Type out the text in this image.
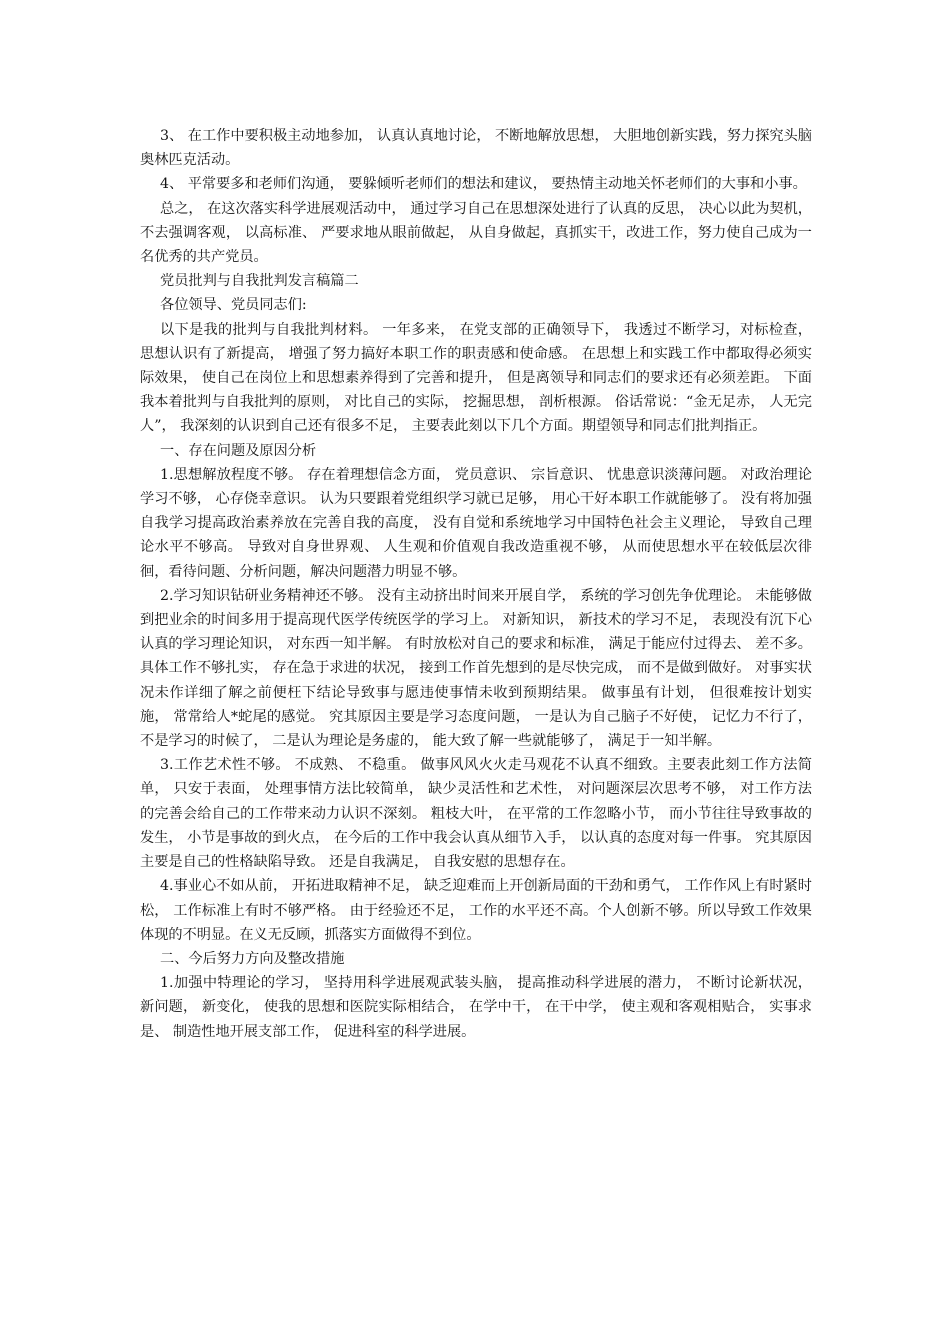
3、 在工作中要积极主动地参加， 认真认真地讨论， 不断地解放思想， 大胆地创新实践，努力探究头脑奥林匹克活动。

4、 平常要多和老师们沟通， 要躲倾听老师们的想法和建议， 要热情主动地关怀老师们的大事和小事。

总之， 在这次落实科学进展观活动中， 通过学习自己在思想深处进行了认真的反思， 决心以此为契机， 不去强调客观， 以高标准、 严要求地从眼前做起， 从自身做起，真抓实干，改进工作，努力使自己成为一名优秀的共产党员。

党员批判与自我批判发言稿篇二

各位领导、党员同志们:

以下是我的批判与自我批判材料。 一年多来， 在党支部的正确领导下， 我透过不断学习，对标检查， 思想认识有了新提高， 增强了努力搞好本职工作的职责感和使命感。 在思想上和实践工作中都取得必须实际效果， 使自己在岗位上和思想素养得到了完善和提升， 但是离领导和同志们的要求还有必须差距。 下面我本着批判与自我批判的原则， 对比自己的实际， 挖掘思想， 剖析根源。 俗话常说：“金无足赤， 人无完人”， 我深刻的认识到自己还有很多不足， 主要表此刻以下几个方面。期望领导和同志们批判指正。

一、存在问题及原因分析

1.思想解放程度不够。 存在着理想信念方面， 党员意识、 宗旨意识、 忧患意识淡薄问题。 对政治理论学习不够， 心存侥幸意识。 认为只要跟着党组织学习就已足够， 用心干好本职工作就能够了。 没有将加强自我学习提高政治素养放在完善自我的高度， 没有自觉和系统地学习中国特色社会主义理论， 导致自己理论水平不够高。 导致对自身世界观、 人生观和价值观自我改造重视不够， 从而使思想水平在较低层次徘徊，看待问题、分析问题，解决问题潜力明显不够。

2.学习知识钻研业务精神还不够。 没有主动挤出时间来开展自学， 系统的学习创先争优理论。 未能够做到把业余的时间多用于提高现代医学传统医学的学习上。 对新知识， 新技术的学习不足， 表现没有沉下心认真的学习理论知识， 对东西一知半解。 有时放松对自己的要求和标准， 满足于能应付过得去、 差不多。 具体工作不够扎实， 存在急于求进的状况， 接到工作首先想到的是尽快完成， 而不是做到做好。 对事实状况未作详细了解之前便枉下结论导致事与愿违使事情未收到预期结果。 做事虽有计划， 但很难按计划实施， 常常给人*蛇尾的感觉。 究其原因主要是学习态度问题， 一是认为自己脑子不好使， 记忆力不行了， 不是学习的时候了， 二是认为理论是务虚的， 能大致了解一些就能够了， 满足于一知半解。

3.工作艺术性不够。 不成熟、 不稳重。 做事风风火火走马观花不认真不细致。主要表此刻工作方法简单， 只安于表面， 处理事情方法比较简单， 缺少灵活性和艺术性， 对问题深层次思考不够， 对工作方法的完善会给自己的工作带来动力认识不深刻。 粗枝大叶， 在平常的工作忽略小节， 而小节往往导致事故的发生， 小节是事故的到火点， 在今后的工作中我会认真从细节入手， 以认真的态度对每一件事。 究其原因主要是自己的性格缺陷导致。 还是自我满足， 自我安慰的思想存在。

4.事业心不如从前， 开拓进取精神不足， 缺乏迎难而上开创新局面的干劲和勇气， 工作作风上有时紧时松， 工作标准上有时不够严格。 由于经验还不足， 工作的水平还不高。个人创新不够。所以导致工作效果体现的不明显。在义无反顾，抓落实方面做得不到位。

二、今后努力方向及整改措施

1.加强中特理论的学习， 坚持用科学进展观武装头脑， 提高推动科学进展的潜力， 不断讨论新状况， 新问题， 新变化， 使我的思想和医院实际相结合， 在学中干， 在干中学， 使主观和客观相贴合， 实事求是、 制造性地开展支部工作， 促进科室的科学进展。
